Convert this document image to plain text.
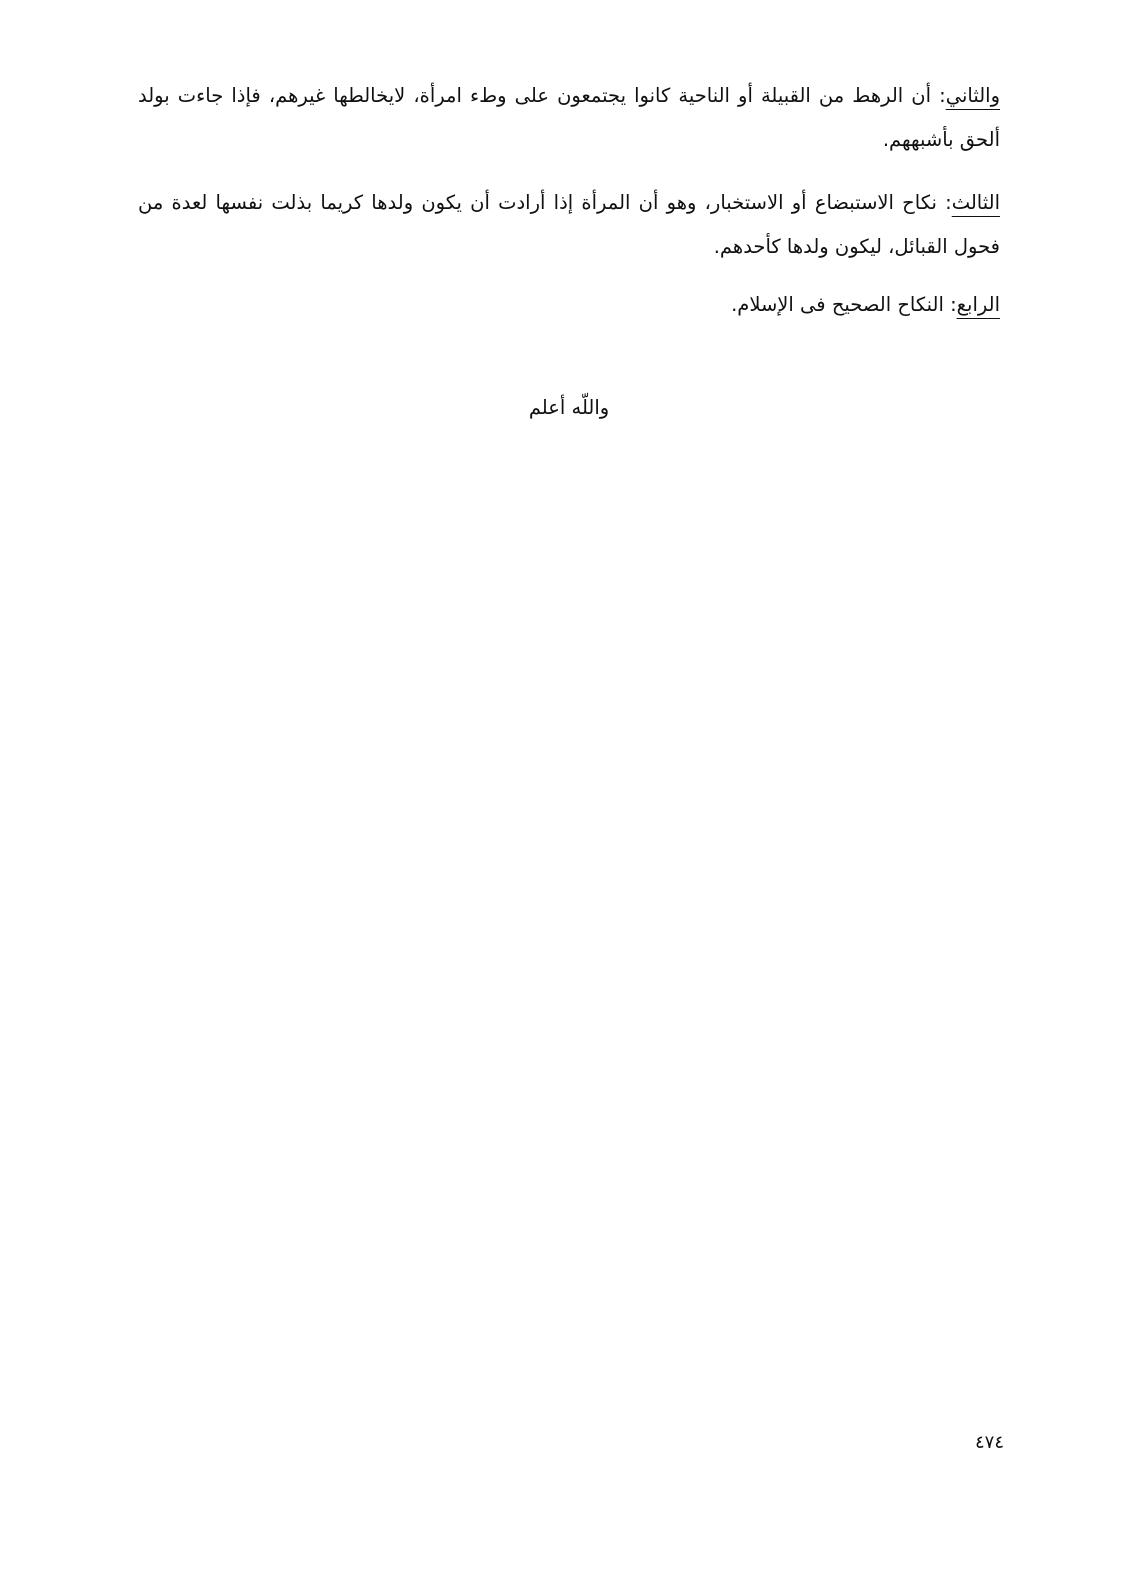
والثاني: أن الرهط من القبيلة أو الناحية كانوا يجتمعون على وطء امرأة، لايخالطها غيرهم، فإذا جاءت بولد ألحق بأشبههم.

الثالث: نكاح الاستبضاع أو الاستخبار، وهو أن المرأة إذا أرادت أن يكون ولدها كريما بذلت نفسها لعدة من فحول القبائل، ليكون ولدها كأحدهم.

الرابع: النكاح الصحيح فى الإسلام.

واللّه أعلم

٤٧٤
